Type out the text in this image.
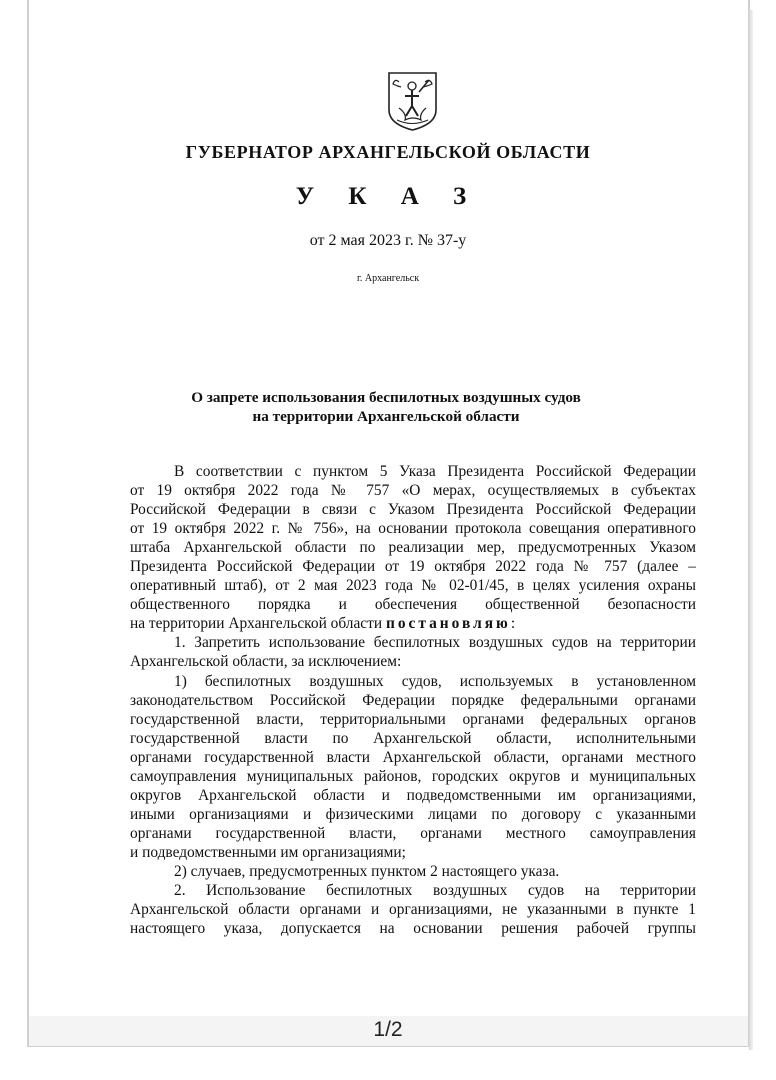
ГУБЕРНАТОР АРХАНГЕЛЬСКОЙ ОБЛАСТИ
У К А З
от 2 мая 2023 г. № 37-у
г. Архангельск
О запрете использования беспилотных воздушных судов
на территории Архангельской области
В соответствии с пунктом 5 Указа Президента Российской Федерации
от 19 октября 2022 года № 757 «О мерах, осуществляемых в субъектах
Российской Федерации в связи с Указом Президента Российской Федерации
от 19 октября 2022 г. № 756», на основании протокола совещания оперативного
штаба Архангельской области по реализации мер, предусмотренных Указом
Президента Российской Федерации от 19 октября 2022 года № 757 (далее –
оперативный штаб), от 2 мая 2023 года № 02-01/45, в целях усиления охраны
общественного порядка и обеспечения общественной безопасности
на территории Архангельской области постановляю:
1. Запретить использование беспилотных воздушных судов на территории
Архангельской области, за исключением:
1) беспилотных воздушных судов, используемых в установленном
законодательством Российской Федерации порядке федеральными органами
государственной власти, территориальными органами федеральных органов
государственной власти по Архангельской области, исполнительными
органами государственной власти Архангельской области, органами местного
самоуправления муниципальных районов, городских округов и муниципальных
округов Архангельской области и подведомственными им организациями,
иными организациями и физическими лицами по договору с указанными
органами государственной власти, органами местного самоуправления
и подведомственными им организациями;
2) случаев, предусмотренных пунктом 2 настоящего указа.
2. Использование беспилотных воздушных судов на территории
Архангельской области органами и организациями, не указанными в пункте 1
настоящего указа, допускается на основании решения рабочей группы
1/2
